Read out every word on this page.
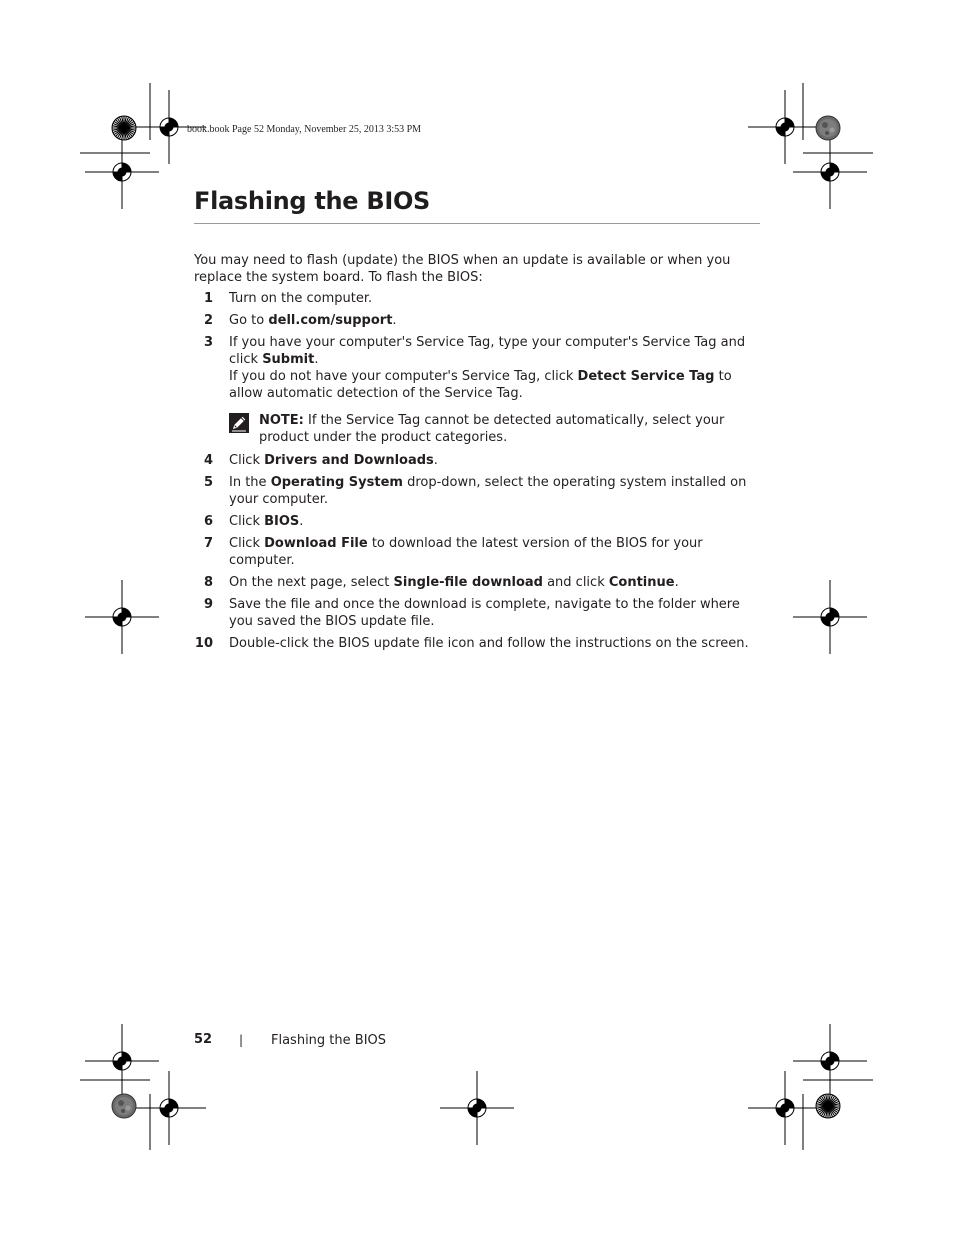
book.book Page 52 Monday, November 25, 2013 3:53 PM
Flashing the BIOS

You may need to flash (update) the BIOS when an update is available or when you replace the system board. To flash the BIOS:

1 Turn on the computer.

2 Go to dell.com/support.

3 If you have your computer's Service Tag, type your computer's Service Tag and click Submit.

If you do not have your computer's Service Tag, click Detect Service Tag to allow automatic detection of the Service Tag.

NOTE: If the Service Tag cannot be detected automatically, select your product under the product categories.

4 Click Drivers and Downloads.

5 In the Operating System drop-down, select the operating system installed on your computer.

6 Click BIOS.

7 Click Download File to download the latest version of the BIOS for your computer.

8 On the next page, select Single-file download and click Continue.

9 Save the file and once the download is complete, navigate to the folder where you saved the BIOS update file.

10 Double-click the BIOS update file icon and follow the instructions on the screen.

52 | Flashing the BIOS
